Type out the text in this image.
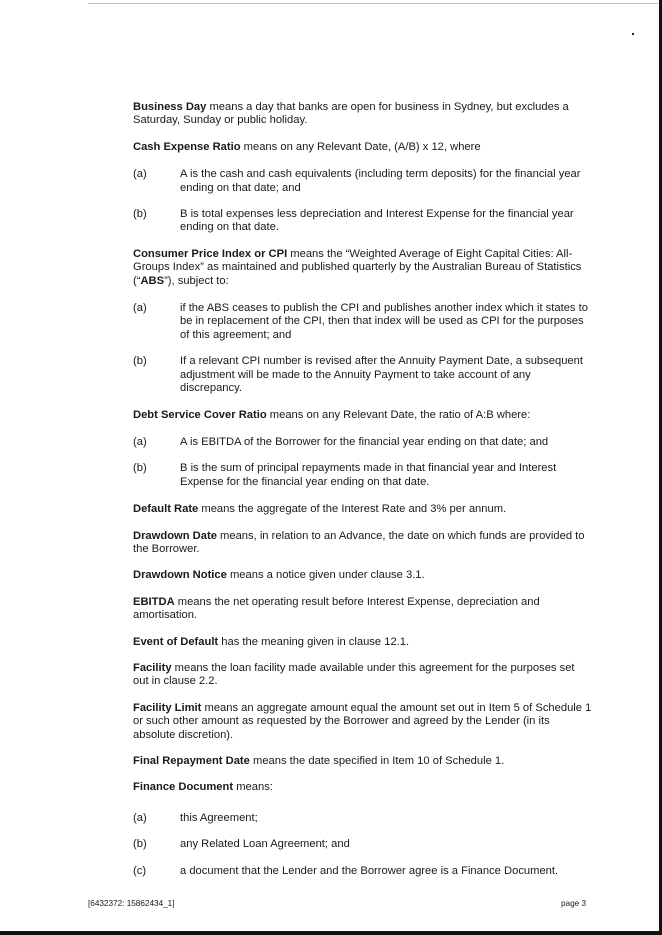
Business Day means a day that banks are open for business in Sydney, but excludes a Saturday, Sunday or public holiday.

Cash Expense Ratio means on any Relevant Date, (A/B) x 12, where

(a)	A is the cash and cash equivalents (including term deposits) for the financial year ending on that date; and
(b)	B is total expenses less depreciation and Interest Expense for the financial year ending on that date.

Consumer Price Index or CPI means the “Weighted Average of Eight Capital Cities: All-Groups Index” as maintained and published quarterly by the Australian Bureau of Statistics (“ABS”), subject to:

(a)	if the ABS ceases to publish the CPI and publishes another index which it states to be in replacement of the CPI, then that index will be used as CPI for the purposes of this agreement; and
(b)	If a relevant CPI number is revised after the Annuity Payment Date, a subsequent adjustment will be made to the Annuity Payment to take account of any discrepancy.

Debt Service Cover Ratio means on any Relevant Date, the ratio of A:B where:

(a)	A is EBITDA of the Borrower for the financial year ending on that date; and
(b)	B is the sum of principal repayments made in that financial year and Interest Expense for the financial year ending on that date.

Default Rate means the aggregate of the Interest Rate and 3% per annum.

Drawdown Date means, in relation to an Advance, the date on which funds are provided to the Borrower.

Drawdown Notice means a notice given under clause 3.1.

EBITDA means the net operating result before Interest Expense, depreciation and amortisation.

Event of Default has the meaning given in clause 12.1.

Facility means the loan facility made available under this agreement for the purposes set out in clause 2.2.

Facility Limit means an aggregate amount equal the amount set out in Item 5 of Schedule 1 or such other amount as requested by the Borrower and agreed by the Lender (in its absolute discretion).

Final Repayment Date means the date specified in Item 10 of Schedule 1.

Finance Document means:

(a)	this Agreement;
(b)	any Related Loan Agreement; and
(c)	a document that the Lender and the Borrower agree is a Finance Document.
[6432372: 15862434_1]	page 3
